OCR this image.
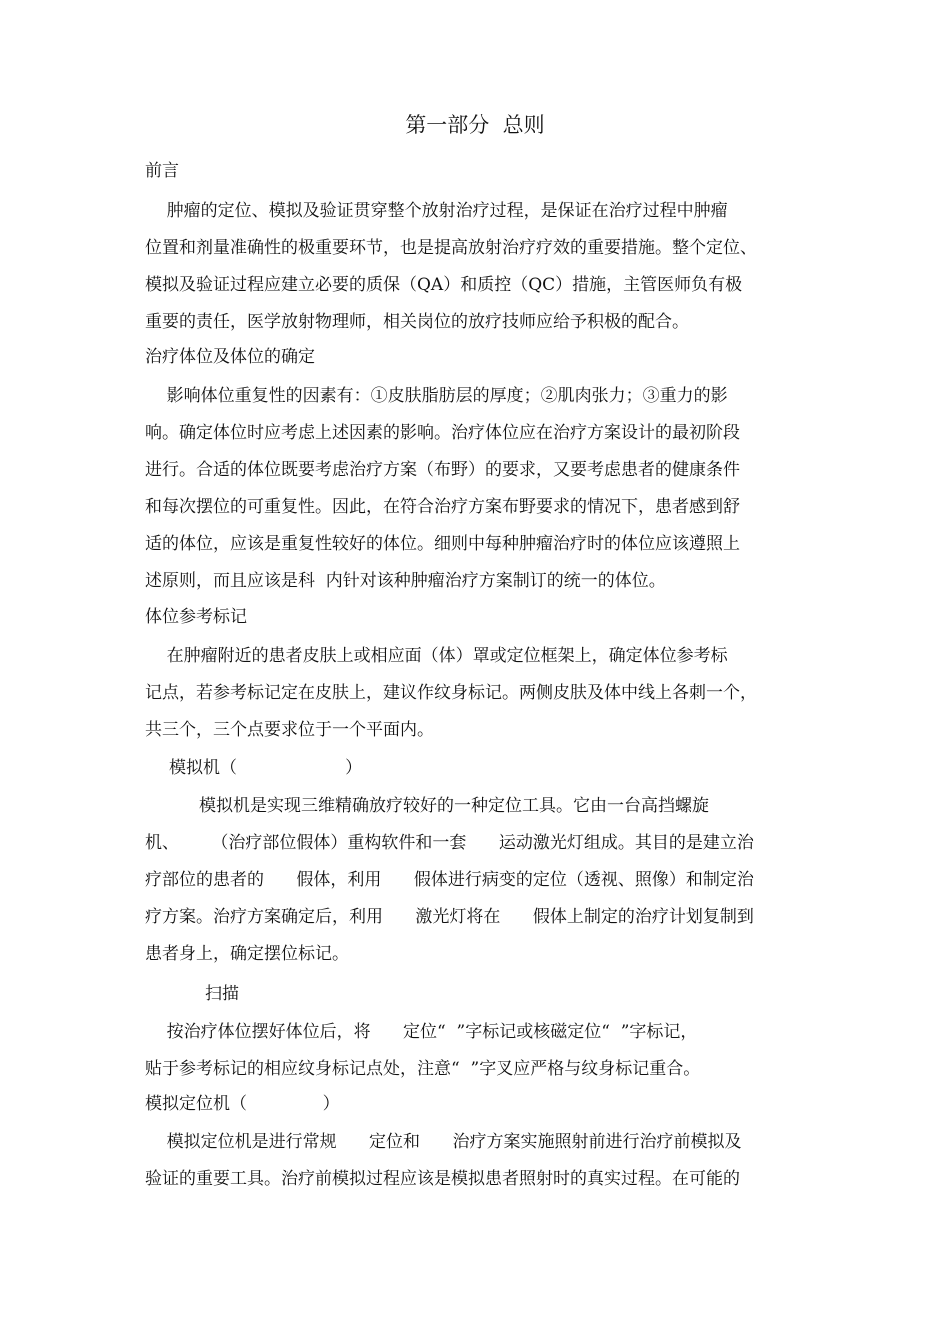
第一部分  总则
前言
肿瘤的定位、模拟及验证贯穿整个放射治疗过程，是保证在治疗过程中肿瘤
位置和剂量准确性的极重要环节，也是提高放射治疗疗效的重要措施。整个定位、
模拟及验证过程应建立必要的质保（QA）和质控（QC）措施，主管医师负有极
重要的责任，医学放射物理师，相关岗位的放疗技师应给予积极的配合。
治疗体位及体位的确定
影响体位重复性的因素有：①皮肤脂肪层的厚度；②肌肉张力；③重力的影
响。确定体位时应考虑上述因素的影响。治疗体位应在治疗方案设计的最初阶段
进行。合适的体位既要考虑治疗方案（布野）的要求，又要考虑患者的健康条件
和每次摆位的可重复性。因此，在符合治疗方案布野要求的情况下，患者感到舒
适的体位，应该是重复性较好的体位。细则中每种肿瘤治疗时的体位应该遵照上
述原则，而且应该是科  内针对该种肿瘤治疗方案制订的统一的体位。
体位参考标记
在肿瘤附近的患者皮肤上或相应面（体）罩或定位框架上，确定体位参考标
记点，若参考标记定在皮肤上，建议作纹身标记。两侧皮肤及体中线上各刺一个，
共三个，三个点要求位于一个平面内。
模拟机（                    ）
模拟机是实现三维精确放疗较好的一种定位工具。它由一台高挡螺旋
机、      （治疗部位假体）重构软件和一套      运动激光灯组成。其目的是建立治
疗部位的患者的      假体，利用      假体进行病变的定位（透视、照像）和制定治
疗方案。治疗方案确定后，利用      激光灯将在      假体上制定的治疗计划复制到
患者身上，确定摆位标记。
扫描
按治疗体位摆好体位后，将      定位“  ”字标记或核磁定位“  ”字标记，
贴于参考标记的相应纹身标记点处，注意“  ”字叉应严格与纹身标记重合。
模拟定位机（              ）
模拟定位机是进行常规      定位和      治疗方案实施照射前进行治疗前模拟及
验证的重要工具。治疗前模拟过程应该是模拟患者照射时的真实过程。在可能的
